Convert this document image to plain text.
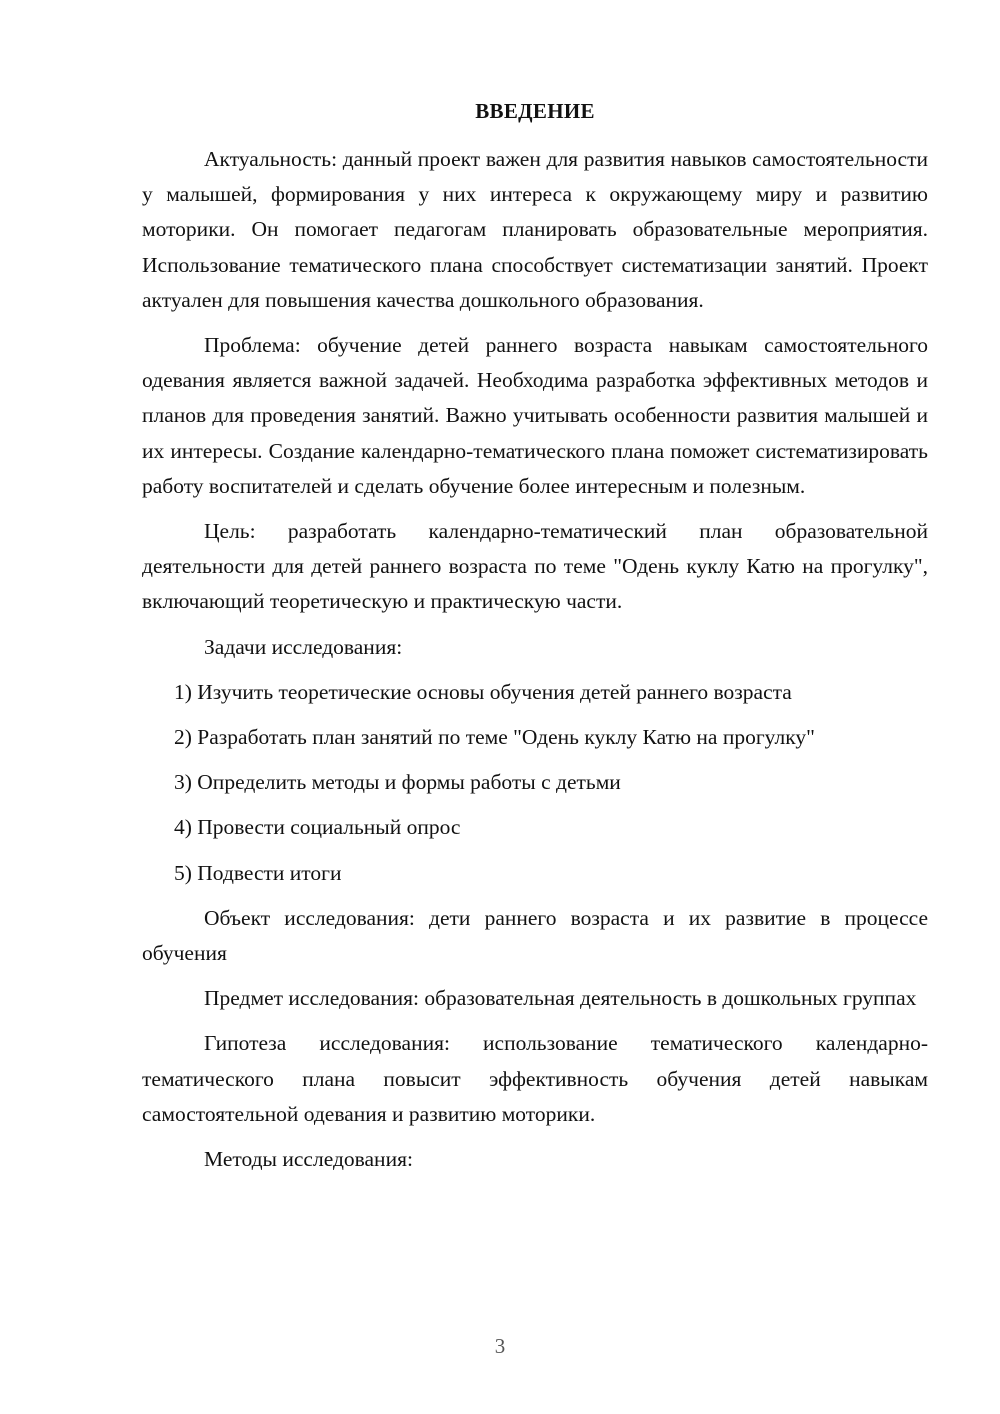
ВВЕДЕНИЕ

Актуальность: данный проект важен для развития навыков самостоятельности у малышей, формирования у них интереса к окружающему миру и развитию моторики. Он помогает педагогам планировать образовательные мероприятия. Использование тематического плана способствует систематизации занятий. Проект актуален для повышения качества дошкольного образования.

Проблема: обучение детей раннего возраста навыкам самостоятельного одевания является важной задачей. Необходима разработка эффективных методов и планов для проведения занятий. Важно учитывать особенности развития малышей и их интересы. Создание календарно-тематического плана поможет систематизировать работу воспитателей и сделать обучение более интересным и полезным.

Цель: разработать календарно-тематический план образовательной деятельности для детей раннего возраста по теме "Одень куклу Катю на прогулку", включающий теоретическую и практическую части.

Задачи исследования:

1) Изучить теоретические основы обучения детей раннего возраста
2) Разработать план занятий по теме "Одень куклу Катю на прогулку"
3) Определить методы и формы работы с детьми
4) Провести социальный опрос
5) Подвести итоги

Объект исследования: дети раннего возраста и их развитие в процессе обучения

Предмет исследования: образовательная деятельность в дошкольных группах

Гипотеза исследования: использование тематического календарно-тематического плана повысит эффективность обучения детей навыкам самостоятельной одевания и развитию моторики.

Методы исследования:

3
